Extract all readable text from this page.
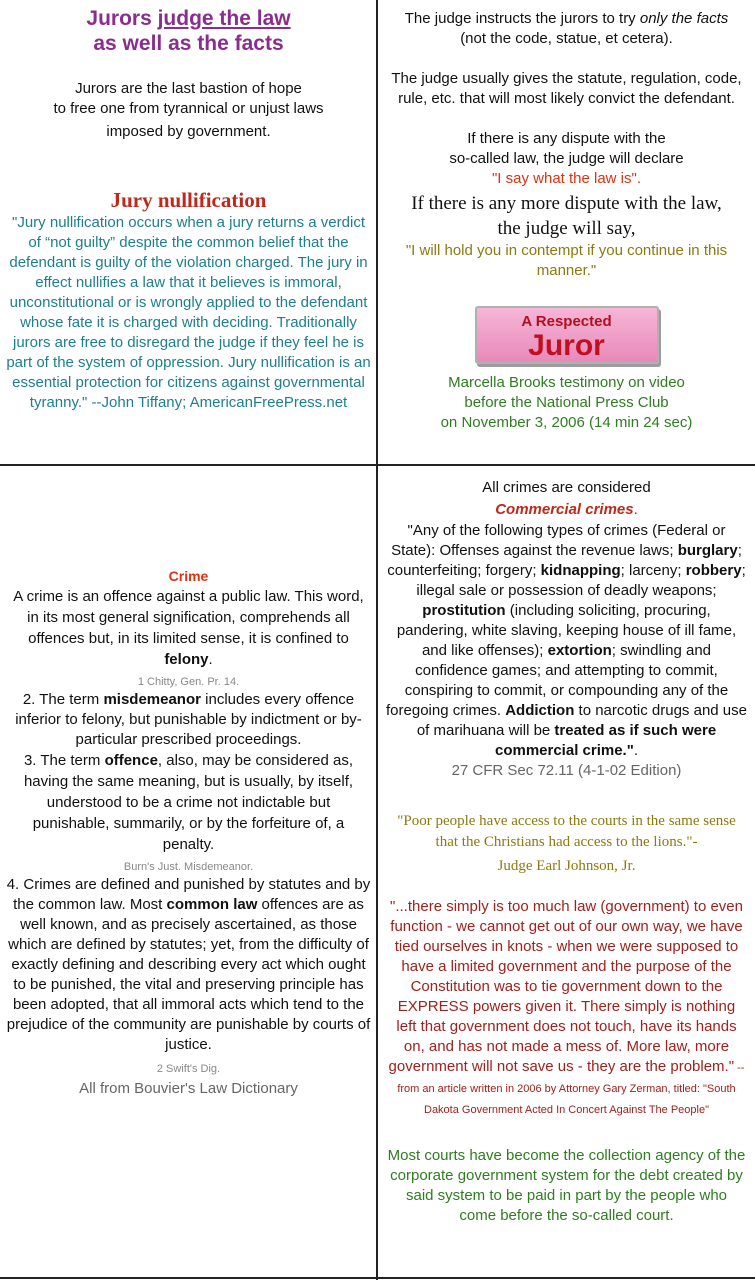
Jurors judge the law
as well as the facts

Jurors are the last bastion of hope
to free one from tyrannical or unjust laws

imposed by government.

Jury nullification

"Jury nullification occurs when a jury returns a verdict of “not guilty” despite the common belief that the defendant is guilty of the violation charged. The jury in effect nullifies a law that it believes is immoral, unconstitutional or is wrongly applied to the defendant whose fate it is charged with deciding. Traditionally jurors are free to disregard the judge if they feel he is part of the system of oppression. Jury nullification is an essential protection for citizens against governmental tyranny." --John Tiffany; AmericanFreePress.net

The judge instructs the jurors to try only the facts
(not the code, statue, et cetera).

The judge usually gives the statute, regulation, code, rule, etc. that will most likely convict the defendant.

If there is any dispute with the
so-called law, the judge will declare

"I say what the law is".

If there is any more dispute with the law,
the judge will say,

"I will hold you in contempt if you continue in this manner."

A Respected
Juror

Marcella Brooks testimony on video
before the National Press Club
on November 3, 2006 (14 min 24 sec)

Crime

A crime is an offence against a public law. This word, in its most general signification, comprehends all offences but, in its limited sense, it is confined to felony.

1 Chitty, Gen. Pr. 14.

2. The term misdemeanor includes every offence inferior to felony, but punishable by indictment or by-particular prescribed proceedings.

3. The term offence, also, may be considered as, having the same meaning, but is usually, by itself, understood to be a crime not indictable but punishable, summarily, or by the forfeiture of, a penalty.

Burn's Just. Misdemeanor.

4. Crimes are defined and punished by statutes and by the common law. Most common law offences are as well known, and as precisely ascertained, as those which are defined by statutes; yet, from the difficulty of exactly defining and describing every act which ought to be punished, the vital and preserving principle has been adopted, that all immoral acts which tend to the prejudice of the community are punishable by courts of justice.

2 Swift's Dig.
All from Bouvier's Law Dictionary

All crimes are considered

Commercial crimes.

"Any of the following types of crimes (Federal or State): Offenses against the revenue laws; burglary; counterfeiting; forgery; kidnapping; larceny; robbery; illegal sale or possession of deadly weapons; prostitution (including soliciting, procuring, pandering, white slaving, keeping house of ill fame, and like offenses); extortion; swindling and confidence games; and attempting to commit, conspiring to commit, or compounding any of the foregoing crimes. Addiction to narcotic drugs and use of marihuana will be treated as if such were commercial crime.".

27 CFR Sec 72.11 (4-1-02 Edition)
"Poor people have access to the courts in the same sense that the Christians had access to the lions."-
Judge Earl Johnson, Jr.

"...there simply is too much law (government) to even function - we cannot get out of our own way, we have tied ourselves in knots - when we were supposed to have a limited government and the purpose of the Constitution was to tie government down to the EXPRESS powers given it. There simply is nothing left that government does not touch, have its hands on, and has not made a mess of. More law, more government will not save us - they are the problem." --from an article written in 2006 by Attorney Gary Zerman, titled: "South Dakota Government Acted In Concert Against The People"

Most courts have become the collection agency of the corporate government system for the debt created by said system to be paid in part by the people who come before the so-called court.
